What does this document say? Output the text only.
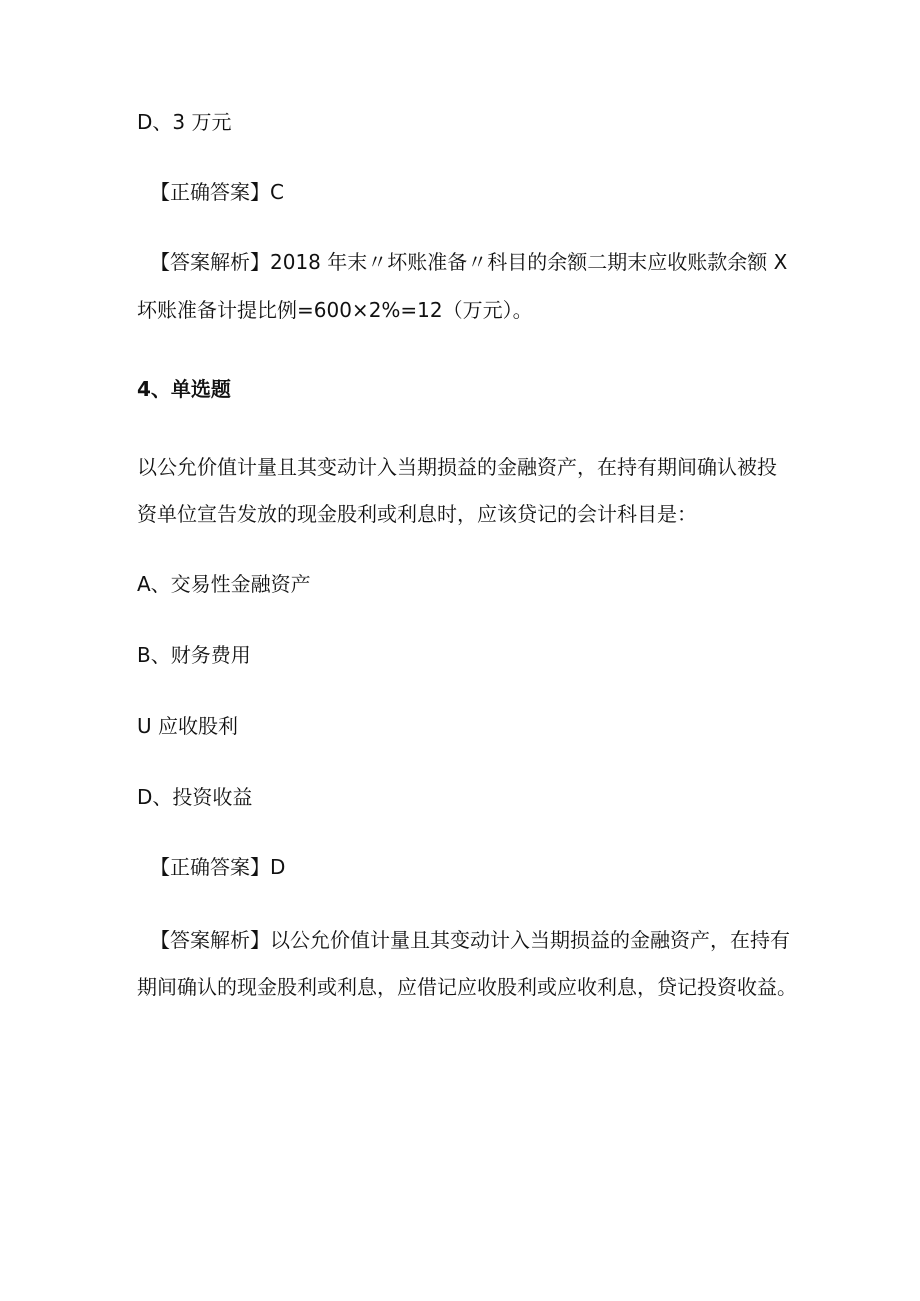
D、3 万元
【正确答案】C
【答案解析】2018 年末〃坏账准备〃科目的余额二期末应收账款余额 X
坏账准备计提比例=600×2%=12（万元）。
4、单选题
以公允价值计量且其变动计入当期损益的金融资产，在持有期间确认被投
资单位宣告发放的现金股利或利息时，应该贷记的会计科目是：
A、交易性金融资产
B、财务费用
U 应收股利
D、投资收益
【正确答案】D
【答案解析】以公允价值计量且其变动计入当期损益的金融资产，在持有
期间确认的现金股利或利息，应借记应收股利或应收利息，贷记投资收益。
